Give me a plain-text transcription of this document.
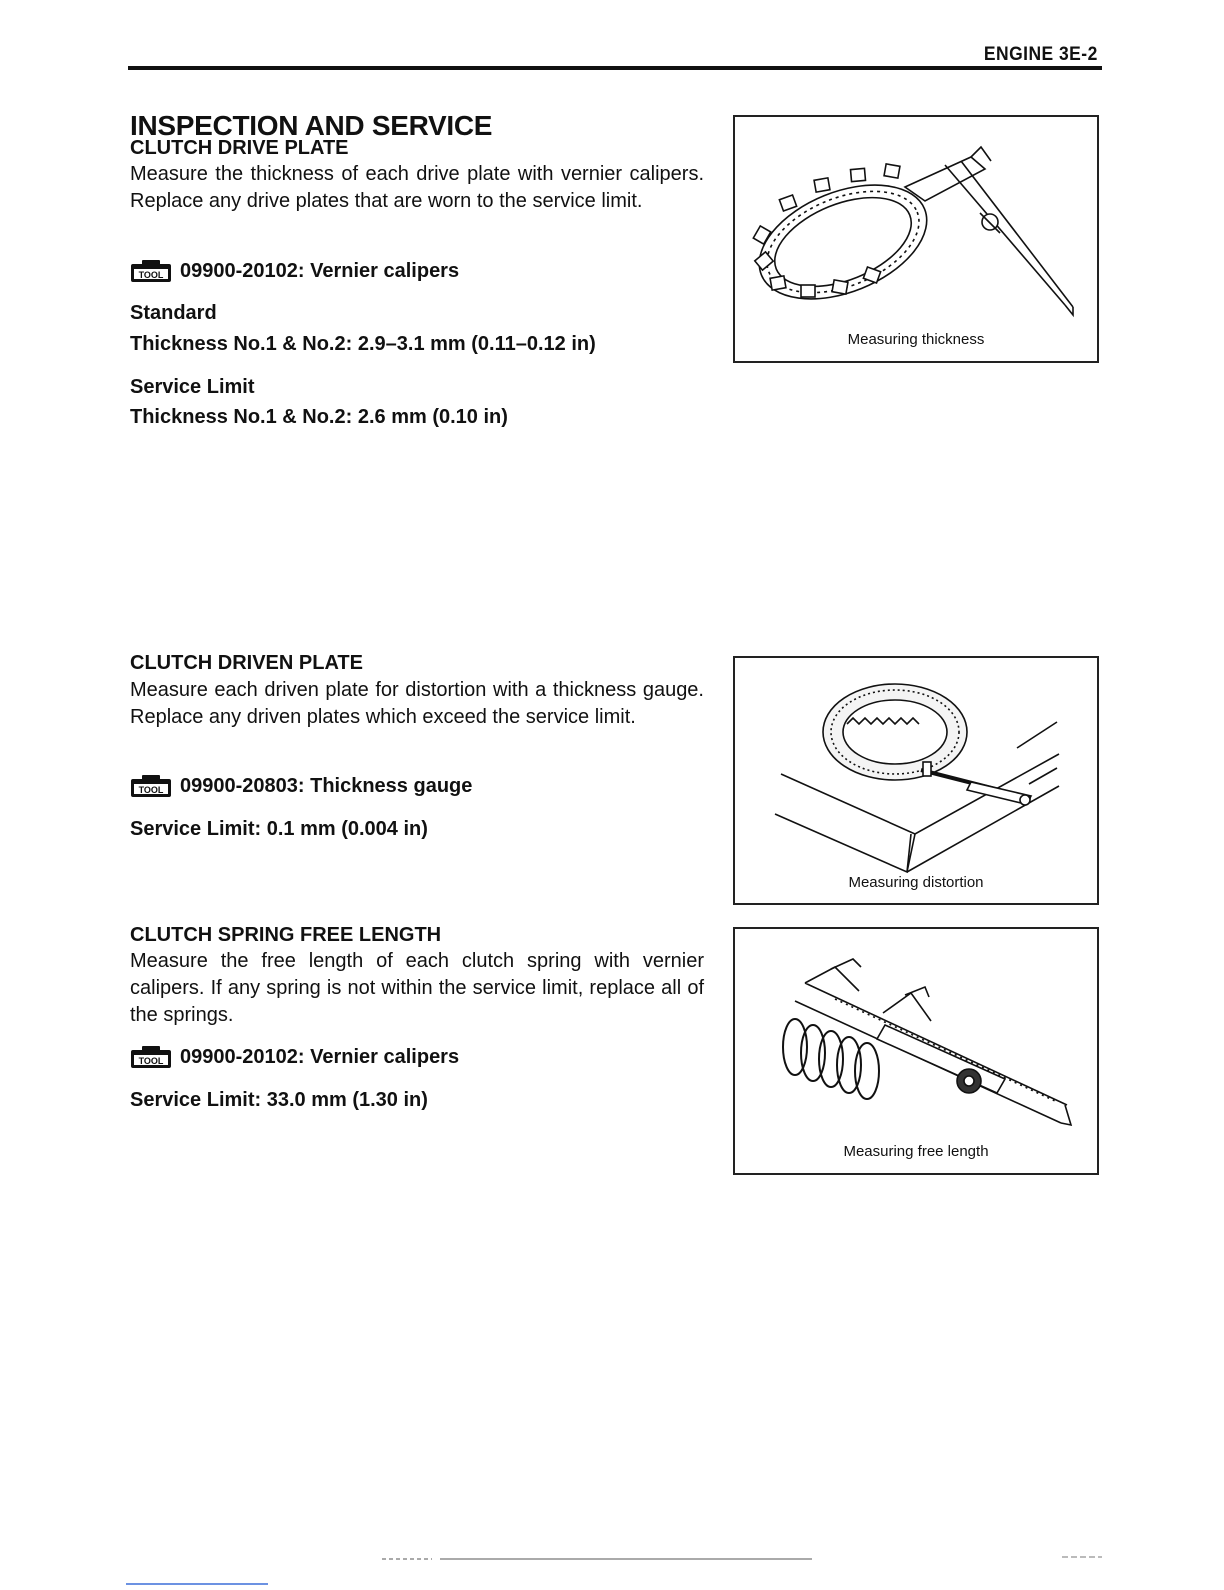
ENGINE 3E-2
INSPECTION AND SERVICE
CLUTCH DRIVE PLATE
Measure the thickness of each drive plate with vernier calipers. Replace any drive plates that are worn to the service limit.
TOOL 09900-20102: Vernier calipers
Standard
Thickness No.1 & No.2: 2.9–3.1 mm (0.11–0.12 in)
Service Limit
Thickness No.1 & No.2: 2.6 mm (0.10 in)
Measuring thickness
CLUTCH DRIVEN PLATE
Measure each driven plate for distortion with a thickness gauge. Replace any driven plates which exceed the service limit.
TOOL 09900-20803: Thickness gauge
Service Limit: 0.1 mm (0.004 in)
Measuring distortion
CLUTCH SPRING FREE LENGTH
Measure the free length of each clutch spring with vernier calipers. If any spring is not within the service limit, replace all of the springs.
TOOL 09900-20102: Vernier calipers
Service Limit: 33.0 mm (1.30 in)
Measuring free length
